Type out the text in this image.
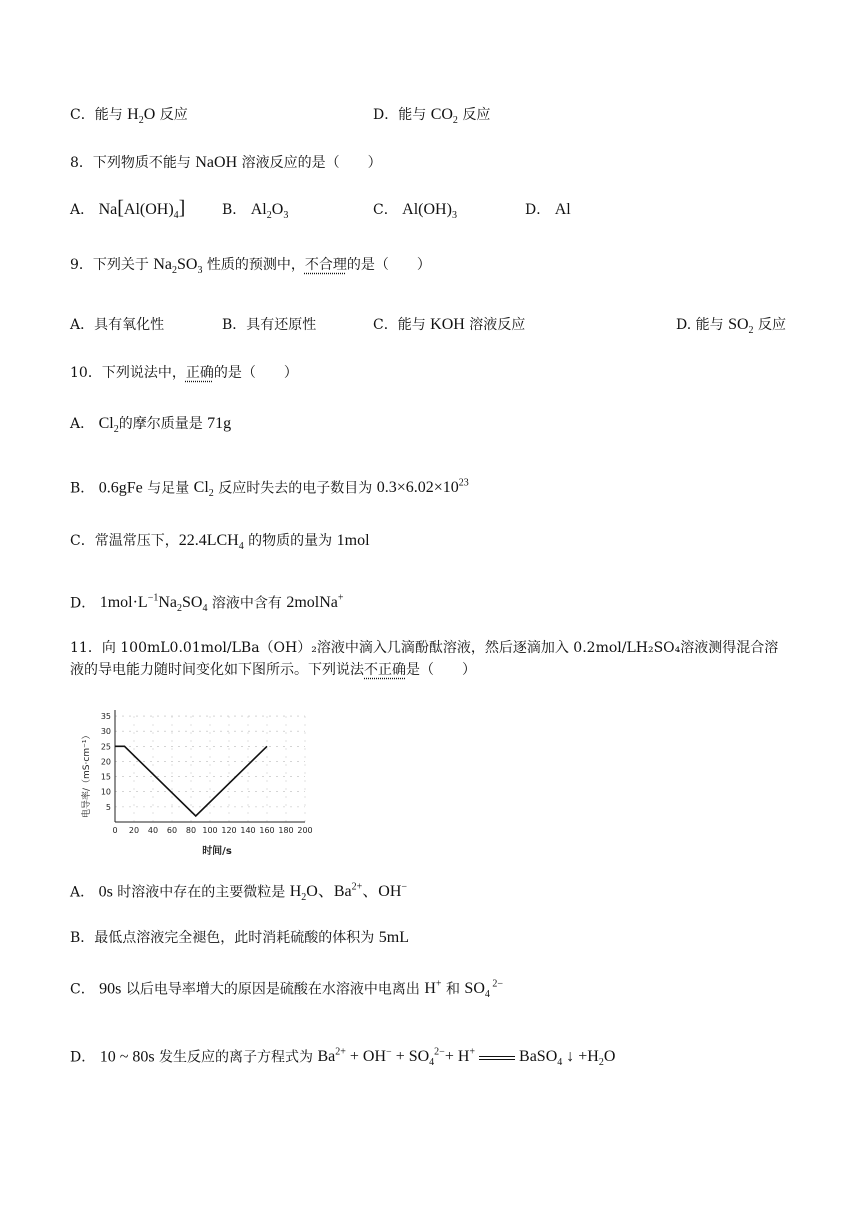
C．能与 $H_2O$ 反应	D．能与 $CO_2$ 反应
8．下列物质不能与 NaOH 溶液反应的是（　　）
A． $Na[Al(OH)_4]$	B． $Al_2O_3$	C． $Al(OH)_3$	D． Al
9．下列关于 $Na_2SO_3$ 性质的预测中，不合理的是（　　）
A．具有氧化性	B．具有还原性	C．能与 KOH 溶液反应	D. 能与 $SO_2$ 反应
10．下列说法中，正确的是（　　）
A． $Cl_2$的摩尔质量是 71g
B． 0.6gFe 与足量 $Cl_2$ 反应时失去的电子数目为 $0.3\times 6.02\times 10^{23}$
C．常温常压下，$22.4LCH_4$ 的物质的量为 1mol
D． $1mol\cdot L^{-1}Na_2SO_4$ 溶液中含有 2molNa+
11．向 100mL0.01mol/LBa（OH）₂溶液中滴入几滴酚酞溶液，然后逐滴加入 0.2mol/LH₂SO₄溶液测得混合溶
液的导电能力随时间变化如下图所示。下列说法不正确是（　　）
电导率/（mS·cm⁻¹）
时间/s
0 20 40 60 80 100 120 140 160 180 200
5
10
15
20
25
30
35
A． 0s 时溶液中存在的主要微粒是 $H_2O$、$Ba^{2+}$、OH−
B．最低点溶液完全褪色，此时消耗硫酸的体积为 5mL
C． 90s 以后电导率增大的原因是硫酸在水溶液中电离出 H+ 和 $SO_4$ $^{2-}$
D． 10 ~ 80s 发生反应的离子方程式为 $Ba^{2+} + OH^- + SO_4^{2-}+ H^+$	BaSO$_4$ ↓ $+H_2O$
